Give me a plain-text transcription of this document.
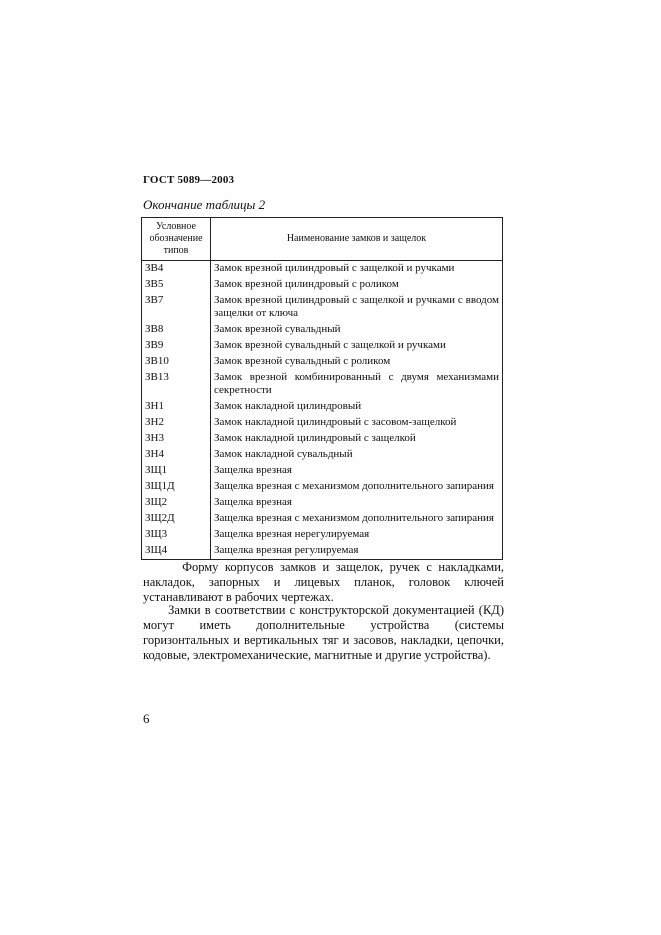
ГОСТ 5089—2003
Окончание таблицы 2
Условное обозначение типов	Наименование замков и защелок
ЗВ4	Замок врезной цилиндровый с защелкой и ручками
ЗВ5	Замок врезной цилиндровый с роликом
ЗВ7	Замок врезной цилиндровый с защелкой и ручками с вводом защелки от ключа
ЗВ8	Замок врезной сувальдный
ЗВ9	Замок врезной сувальдный с защелкой и ручками
ЗВ10	Замок врезной сувальдный с роликом
ЗВ13	Замок врезной комбинированный с двумя механизмами секретности
ЗН1	Замок накладной цилиндровый
ЗН2	Замок накладной цилиндровый с засовом-защелкой
ЗН3	Замок накладной цилиндровый с защелкой
ЗН4	Замок накладной сувальдный
ЗЩ1	Защелка врезная
ЗЩ1Д	Защелка врезная с механизмом дополнительного запирания
ЗЩ2	Защелка врезная
ЗЩ2Д	Защелка врезная с механизмом дополнительного запирания
ЗЩ3	Защелка врезная нерегулируемая
ЗЩ4	Защелка врезная регулируемая
Форму корпусов замков и защелок, ручек с накладками, накладок, запорных и лицевых планок, головок ключей устанавливают в рабочих чертежах.
Замки в соответствии с конструкторской документацией (КД) могут иметь дополнительные устройства (системы горизонтальных и вертикальных тяг и засовов, накладки, цепочки, кодовые, электромеханические, магнитные и другие устройства).
6
